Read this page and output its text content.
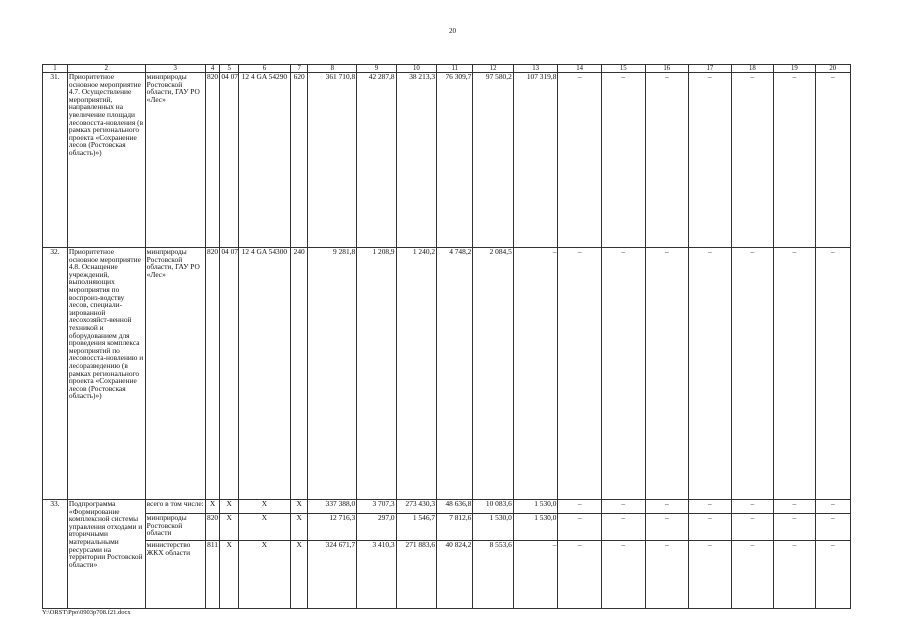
20
1	2	3	4	5	6	7	8	9	10	11	12	13	14	15	16	17	18	19	20
31.	Приоритетное основное мероприятие 4.7. Осуществление мероприятий, направленных на увеличение площади лесовосста-новления (в рамках регионального проекта «Сохранение лесов (Ростовская область)»)	минприроды Ростовской области, ГАУ РО «Лес»	820	04 07	12 4 GA 54290	620	361 710,8	42 287,8	38 213,3	76 309,7	97 580,2	107 319,8	–	–	–	–	–	–	–
32.	Приоритетное основное мероприятие 4.8. Оснащение учреждений, выполняющих мероприятия по воспроиз-водству лесов, специали-зированной лесохозяйст-венной техникой и оборудованием для проведения комплекса мероприятий по лесовосста-новлению и лесоразведению (в рамках регионального проекта «Сохранение лесов (Ростовская область)»)	минприроды Ростовской области, ГАУ РО «Лес»	820	04 07	12 4 GA 54300	240	9 281,8	1 208,9	1 240,2	4 748,2	2 084,5	–	–	–	–	–	–	–	–
33.	Подпрограмма «Формирование комплексной системы управления отходами и вторичными материальными ресурсами на территории Ростовской области»	всего в том числе:	Х	Х	Х	Х	337 388,0	3 707,3	273 430,3	48 636,8	10 083,6	1 530,0	–	–	–	–	–	–	–
		минприроды Ростовской области	820	Х	Х	Х	12 716,3	297,0	1 546,7	7 812,6	1 530,0	1 530,0	–	–	–	–	–	–	–
		министерство ЖКХ области	811	Х	Х	Х	324 671,7	3 410,3	271 883,6	40 824,2	8 553,6	–	–	–	–	–	–	–	–
Y:\ORST\Ppo\0903p708.f21.docx
